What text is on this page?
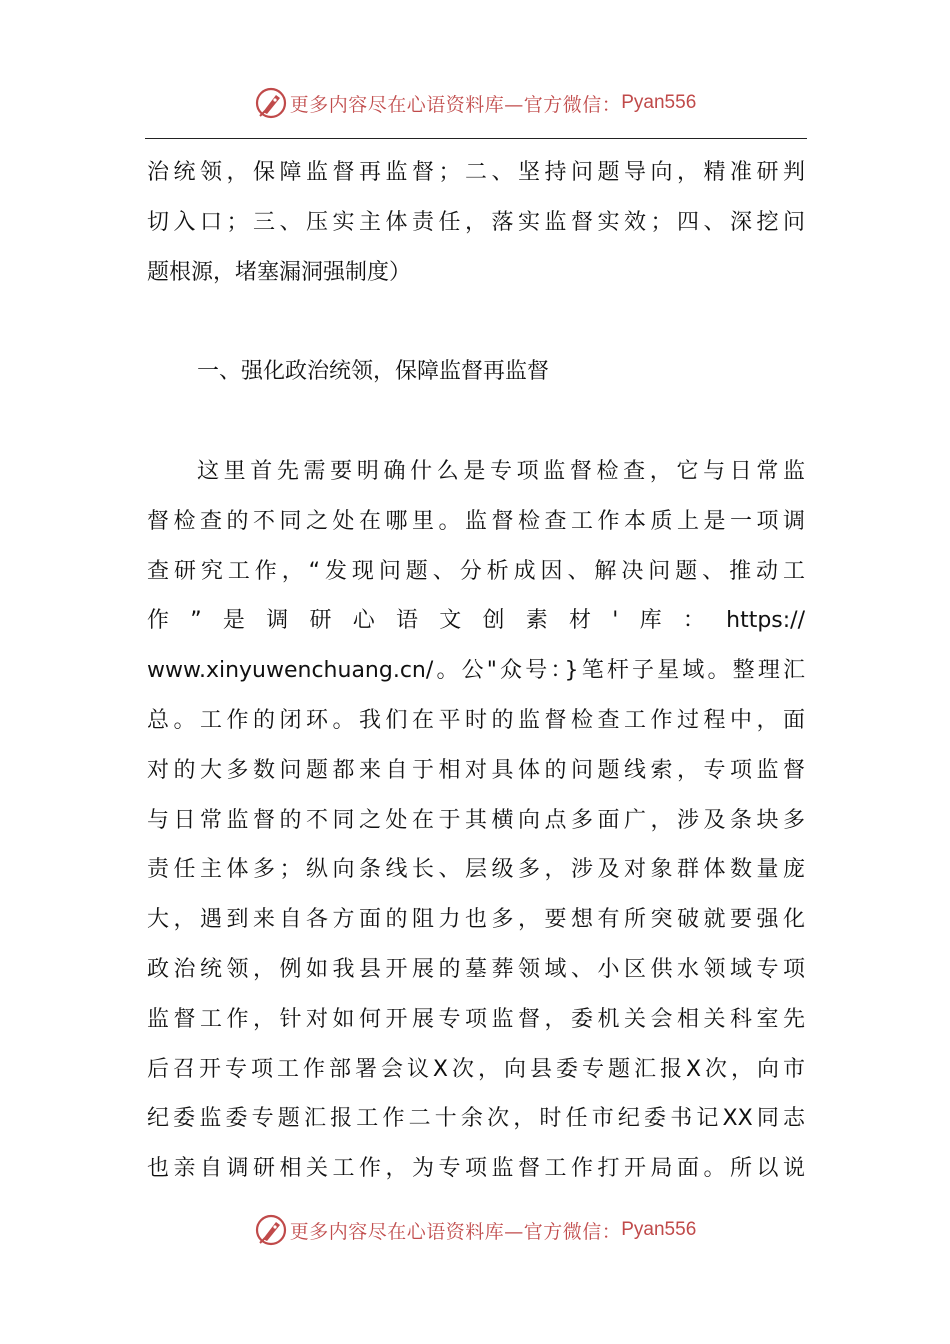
更多内容尽在心语资料库—官方微信： Pyan556
治统领，保障监督再监督；二、坚持问题导向，精准研判
切入口；三、压实主体责任，落实监督实效；四、深挖问
题根源，堵塞漏洞强制度）
一、强化政治统领，保障监督再监督
这里首先需要明确什么是专项监督检查，它与日常监
督检查的不同之处在哪里。监督检查工作本质上是一项调
查研究工作，“发现问题、分析成因、解决问题、推动工
作”是调研心语文创素材'库：https://
www.xinyuwenchuang.cn/。公"众号：}笔杆子星域。整理汇
总。工作的闭环。我们在平时的监督检查工作过程中，面
对的大多数问题都来自于相对具体的问题线索，专项监督
与日常监督的不同之处在于其横向点多面广，涉及条块多
责任主体多；纵向条线长、层级多，涉及对象群体数量庞
大，遇到来自各方面的阻力也多，要想有所突破就要强化
政治统领，例如我县开展的墓葬领域、小区供水领域专项
监督工作，针对如何开展专项监督，委机关会相关科室先
后召开专项工作部署会议X次，向县委专题汇报X次，向市
纪委监委专题汇报工作二十余次，时任市纪委书记XX同志
也亲自调研相关工作，为专项监督工作打开局面。所以说
更多内容尽在心语资料库—官方微信： Pyan556
